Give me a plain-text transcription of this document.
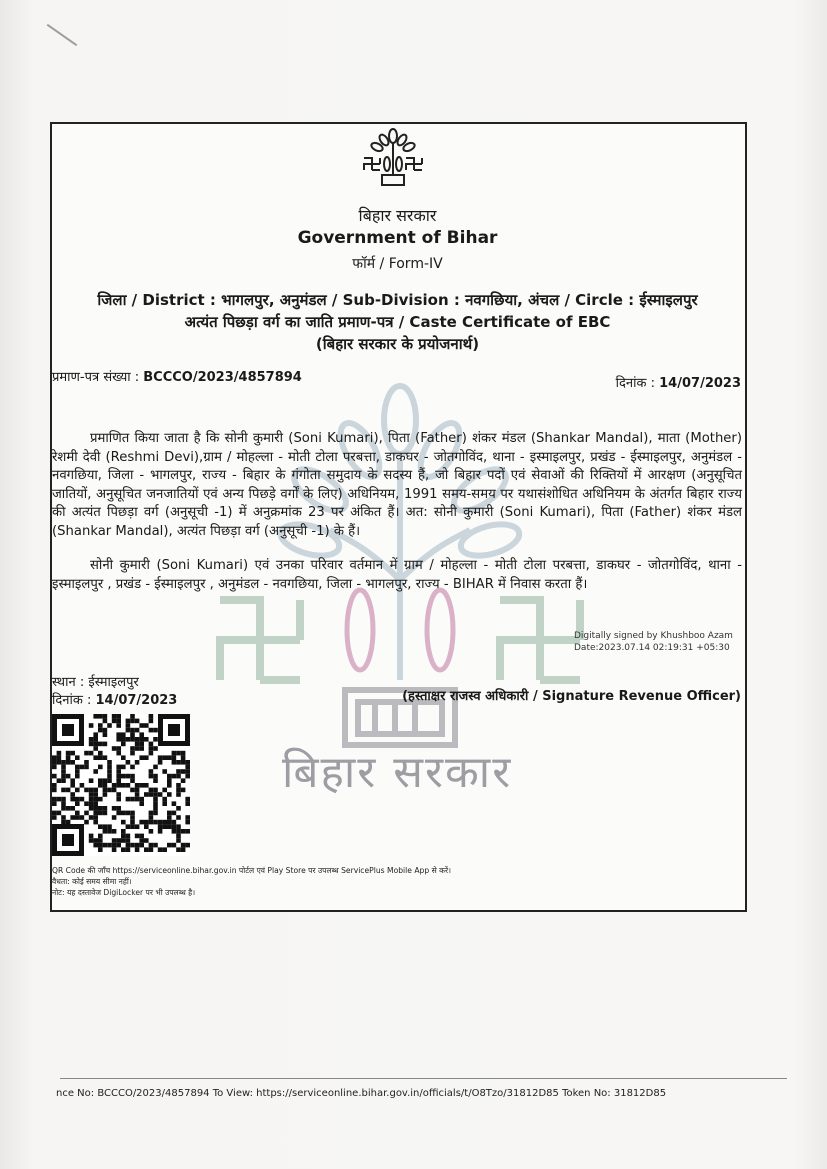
बिहार सरकार
बिहार सरकार
Government of Bihar
फॉर्म / Form-IV
जिला / District : भागलपुर, अनुमंडल / Sub-Division : नवगछिया, अंचल / Circle : ईस्माइलपुर
अत्यंत पिछड़ा वर्ग का जाति प्रमाण-पत्र / Caste Certificate of EBC
(बिहार सरकार के प्रयोजनार्थ)
प्रमाण-पत्र संख्या : BCCCO/2023/4857894	दिनांक : 14/07/2023
प्रमाणित किया जाता है कि सोनी कुमारी (Soni Kumari), पिता (Father) शंकर मंडल (Shankar Mandal), माता (Mother) रेशमी देवी (Reshmi Devi),ग्राम / मोहल्ला - मोती टोला परबत्ता, डाकघर - जोतगोविंद, थाना - इस्माइलपुर, प्रखंड - ईस्माइलपुर, अनुमंडल - नवगछिया, जिला - भागलपुर, राज्य - बिहार के गंगोता समुदाय के सदस्य हैं, जो बिहार पदों एवं सेवाओं की रिक्तियों में आरक्षण (अनुसूचित जातियों, अनुसूचित जनजातियों एवं अन्य पिछड़े वर्गों के लिए) अधिनियम, 1991 समय-समय पर यथासंशोधित अधिनियम के अंतर्गत बिहार राज्य की अत्यंत पिछड़ा वर्ग (अनुसूची -1) में अनुक्रमांक 23 पर अंकित हैं। अत: सोनी कुमारी (Soni Kumari), पिता (Father) शंकर मंडल (Shankar Mandal), अत्यंत पिछड़ा वर्ग (अनुसूची -1) के हैं।
सोनी कुमारी (Soni Kumari) एवं उनका परिवार वर्तमान में ग्राम / मोहल्ला - मोती टोला परबत्ता, डाकघर - जोतगोविंद, थाना - इस्माइलपुर , प्रखंड - ईस्माइलपुर , अनुमंडल - नवगछिया, जिला - भागलपुर, राज्य - BIHAR में निवास करता हैं।
Digitally signed by Khushboo Azam
Date:2023.07.14 02:19:31 +05:30
स्थान : ईस्माइलपुर
दिनांक : 14/07/2023	(हस्ताक्षर राजस्व अधिकारी / Signature Revenue Officer)
QR Code की जाँच https://serviceonline.bihar.gov.in पोर्टल एवं Play Store पर उपलब्ध ServicePlus Mobile App से करें।
वैधता: कोई समय सीमा नहीं।
नोट: यह दस्तावेज DigiLocker पर भी उपलब्ध है।
nce No: BCCCO/2023/4857894 To View: https://serviceonline.bihar.gov.in/officials/t/O8Tzo/31812D85 Token No: 31812D85
